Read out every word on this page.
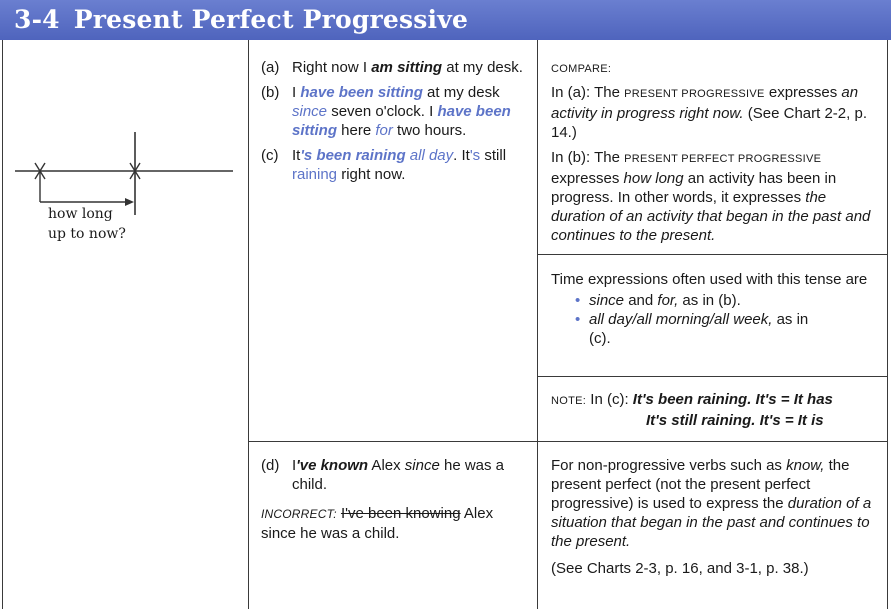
3-4 Present Perfect Progressive
how long
up to now?
(a) Right now I am sitting at my desk.
(b) I have been sitting at my desk since seven o'clock. I have been sitting here for two hours.
(c) It's been raining all day. It's still raining right now.
COMPARE:
In (a): The PRESENT PROGRESSIVE expresses an activity in progress right now. (See Chart 2-2, p. 14.)
In (b): The PRESENT PERFECT PROGRESSIVE expresses how long an activity has been in progress. In other words, it expresses the duration of an activity that began in the past and continues to the present.
Time expressions often used with this tense are
• since and for, as in (b).
• all day/all morning/all week, as in (c).
NOTE: In (c): It's been raining. It's = It has
It's still raining. It's = It is
(d) I've known Alex since he was a child.
INCORRECT: I've been knowing Alex since he was a child.
For non-progressive verbs such as know, the present perfect (not the present perfect progressive) is used to express the duration of a situation that began in the past and continues to the present.
(See Charts 2-3, p. 16, and 3-1, p. 38.)
